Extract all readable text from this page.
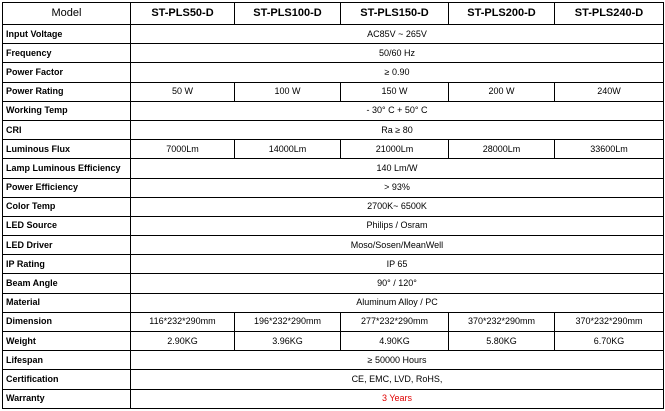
Model	ST-PLS50-D	ST-PLS100-D	ST-PLS150-D	ST-PLS200-D	ST-PLS240-D
Input Voltage	AC85V ~ 265V				
Frequency	50/60 Hz				
Power Factor	≥ 0.90				
Power Rating	50 W	100 W	150 W	200 W	240W
Working Temp	- 30° C + 50° C				
CRI	Ra ≥ 80				
Luminous Flux	7000Lm	14000Lm	21000Lm	28000Lm	33600Lm
Lamp Luminous Efficiency	140 Lm/W				
Power Efficiency	> 93%				
Color Temp	2700K~ 6500K				
LED Source	Philips / Osram				
LED Driver	Moso/Sosen/MeanWell				
IP Rating	IP 65				
Beam Angle	90° / 120°				
Material	Aluminum Alloy / PC				
Dimension	116*232*290mm	196*232*290mm	277*232*290mm	370*232*290mm	370*232*290mm
Weight	2.90KG	3.96KG	4.90KG	5.80KG	6.70KG
Lifespan	≥ 50000 Hours				
Certification	CE, EMC, LVD, RoHS,				
Warranty	3 Years				
